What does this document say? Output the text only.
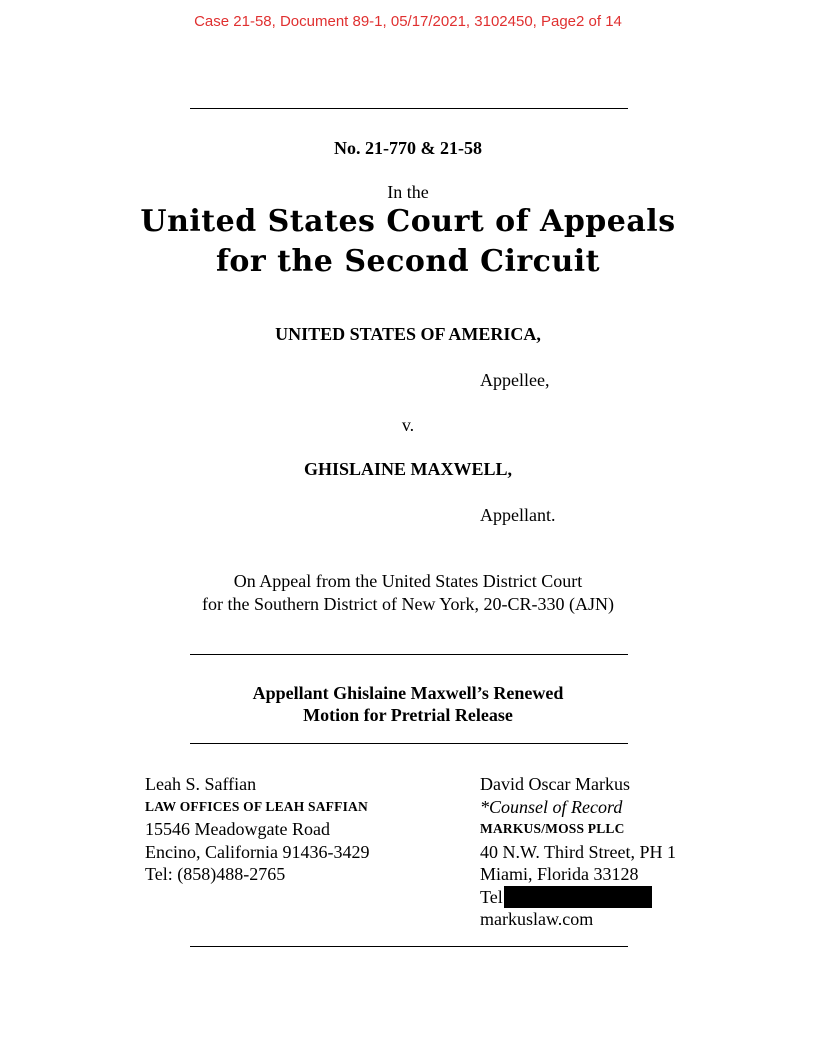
Case 21-58, Document 89-1, 05/17/2021, 3102450, Page2 of 14
No. 21-770 & 21-58
In the
United States Court of Appeals
for the Second Circuit
UNITED STATES OF AMERICA,
Appellee,
v.
GHISLAINE MAXWELL,
Appellant.
On Appeal from the United States District Court
for the Southern District of New York, 20-CR-330 (AJN)
Appellant Ghislaine Maxwell’s Renewed
Motion for Pretrial Release
Leah S. Saffian
LAW OFFICES OF LEAH SAFFIAN
15546 Meadowgate Road
Encino, California 91436-3429
Tel: (858)488-2765
David Oscar Markus
*Counsel of Record
MARKUS/MOSS PLLC
40 N.W. Third Street, PH 1
Miami, Florida 33128
Tel
markuslaw.com
